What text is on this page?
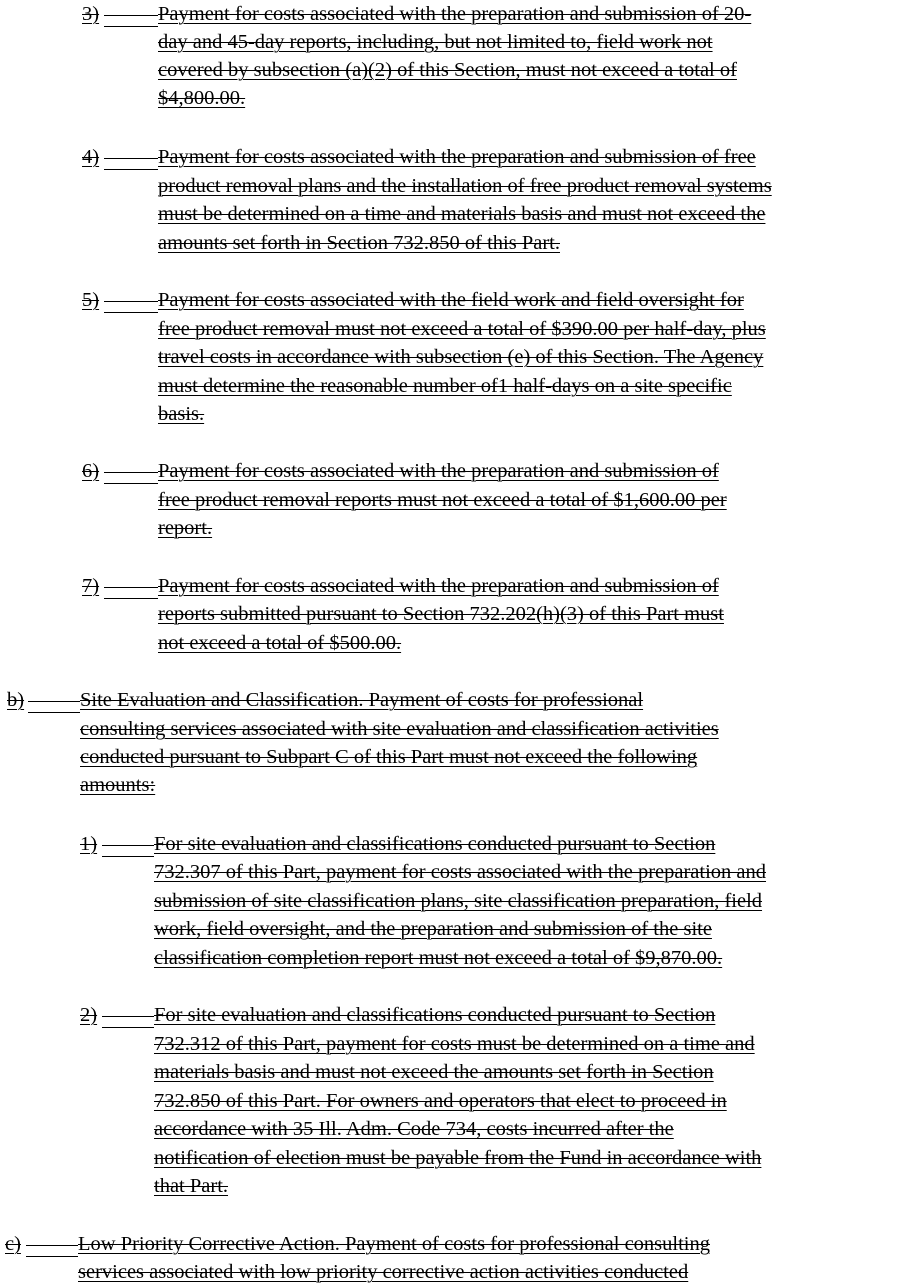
3)	Payment for costs associated with the preparation and submission of 20-
day and 45-day reports, including, but not limited to, field work not
covered by subsection (a)(2) of this Section, must not exceed a total of
$4,800.00.
4)	Payment for costs associated with the preparation and submission of free
product removal plans and the installation of free product removal systems
must be determined on a time and materials basis and must not exceed the
amounts set forth in Section 732.850 of this Part.
5)	Payment for costs associated with the field work and field oversight for
free product removal must not exceed a total of $390.00 per half-day, plus
travel costs in accordance with subsection (e) of this Section. The Agency
must determine the reasonable number of1 half-days on a site specific
basis.
6)	Payment for costs associated with the preparation and submission of
free product removal reports must not exceed a total of $1,600.00 per
report.
7)	Payment for costs associated with the preparation and submission of
reports submitted pursuant to Section 732.202(h)(3) of this Part must
not exceed a total of $500.00.
b)	Site Evaluation and Classification. Payment of costs for professional
consulting services associated with site evaluation and classification activities
conducted pursuant to Subpart C of this Part must not exceed the following
amounts:
1)	For site evaluation and classifications conducted pursuant to Section
732.307 of this Part, payment for costs associated with the preparation and
submission of site classification plans, site classification preparation, field
work, field oversight, and the preparation and submission of the site
classification completion report must not exceed a total of $9,870.00.
2)	For site evaluation and classifications conducted pursuant to Section
732.312 of this Part, payment for costs must be determined on a time and
materials basis and must not exceed the amounts set forth in Section
732.850 of this Part. For owners and operators that elect to proceed in
accordance with 35 Ill. Adm. Code 734, costs incurred after the
notification of election must be payable from the Fund in accordance with
that Part.
c)	Low Priority Corrective Action. Payment of costs for professional consulting
services associated with low priority corrective action activities conducted
